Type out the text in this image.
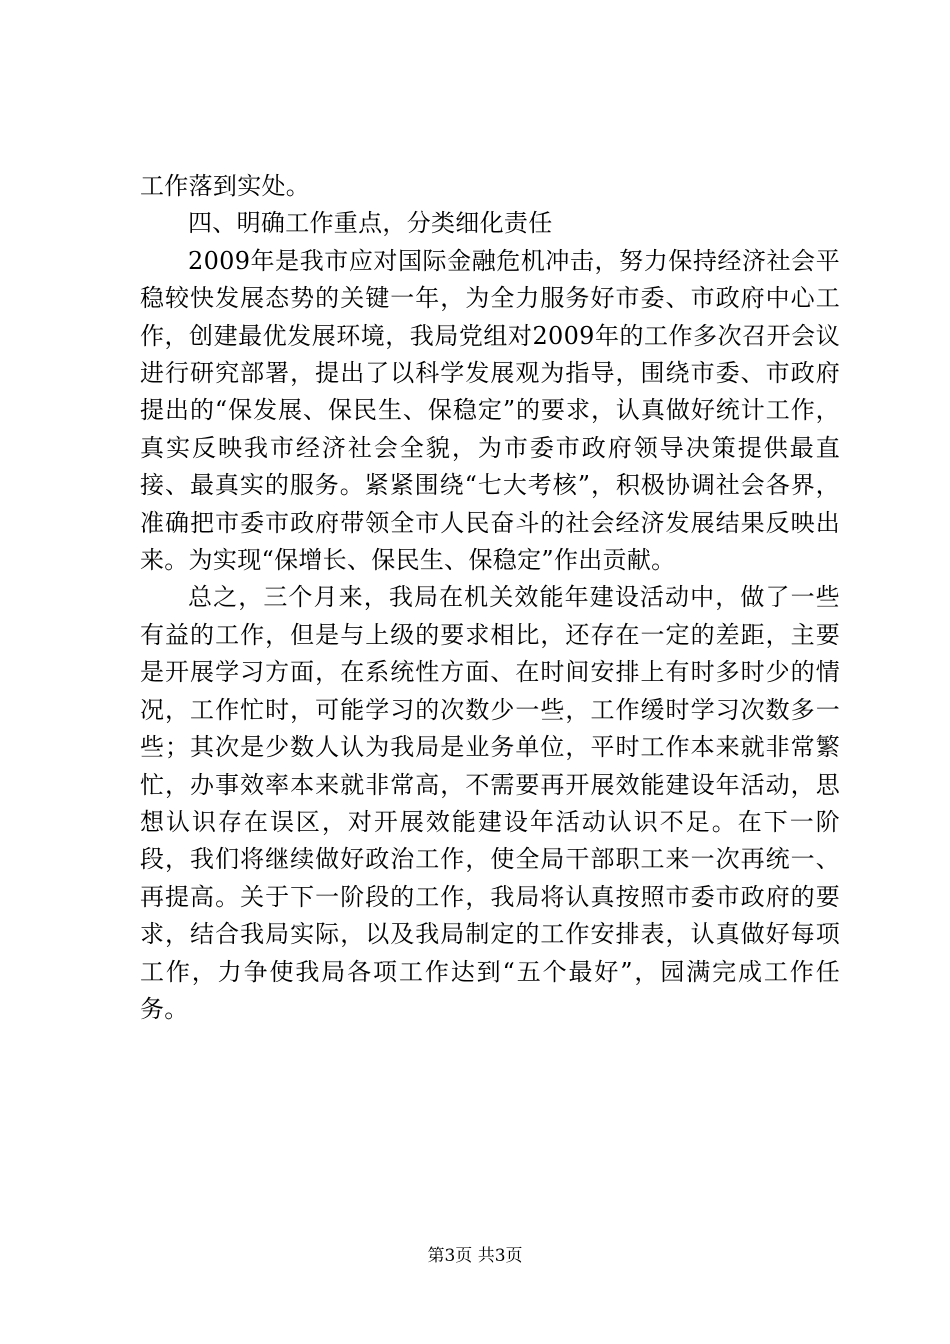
工作落到实处。

四、明确工作重点，分类细化责任

2009年是我市应对国际金融危机冲击，努力保持经济社会平稳较快发展态势的关键一年，为全力服务好市委、市政府中心工作，创建最优发展环境，我局党组对2009年的工作多次召开会议进行研究部署，提出了以科学发展观为指导，围绕市委、市政府提出的“保发展、保民生、保稳定”的要求，认真做好统计工作，真实反映我市经济社会全貌，为市委市政府领导决策提供最直接、最真实的服务。紧紧围绕“七大考核”，积极协调社会各界，准确把市委市政府带领全市人民奋斗的社会经济发展结果反映出来。为实现“保增长、保民生、保稳定”作出贡献。

总之，三个月来，我局在机关效能年建设活动中，做了一些有益的工作，但是与上级的要求相比，还存在一定的差距，主要是开展学习方面，在系统性方面、在时间安排上有时多时少的情况，工作忙时，可能学习的次数少一些，工作缓时学习次数多一些；其次是少数人认为我局是业务单位，平时工作本来就非常繁忙，办事效率本来就非常高，不需要再开展效能建设年活动，思想认识存在误区，对开展效能建设年活动认识不足。在下一阶段，我们将继续做好政治工作，使全局干部职工来一次再统一、再提高。关于下一阶段的工作，我局将认真按照市委市政府的要求，结合我局实际，以及我局制定的工作安排表，认真做好每项工作，力争使我局各项工作达到“五个最好”，园满完成工作任务。

第3页 共3页
